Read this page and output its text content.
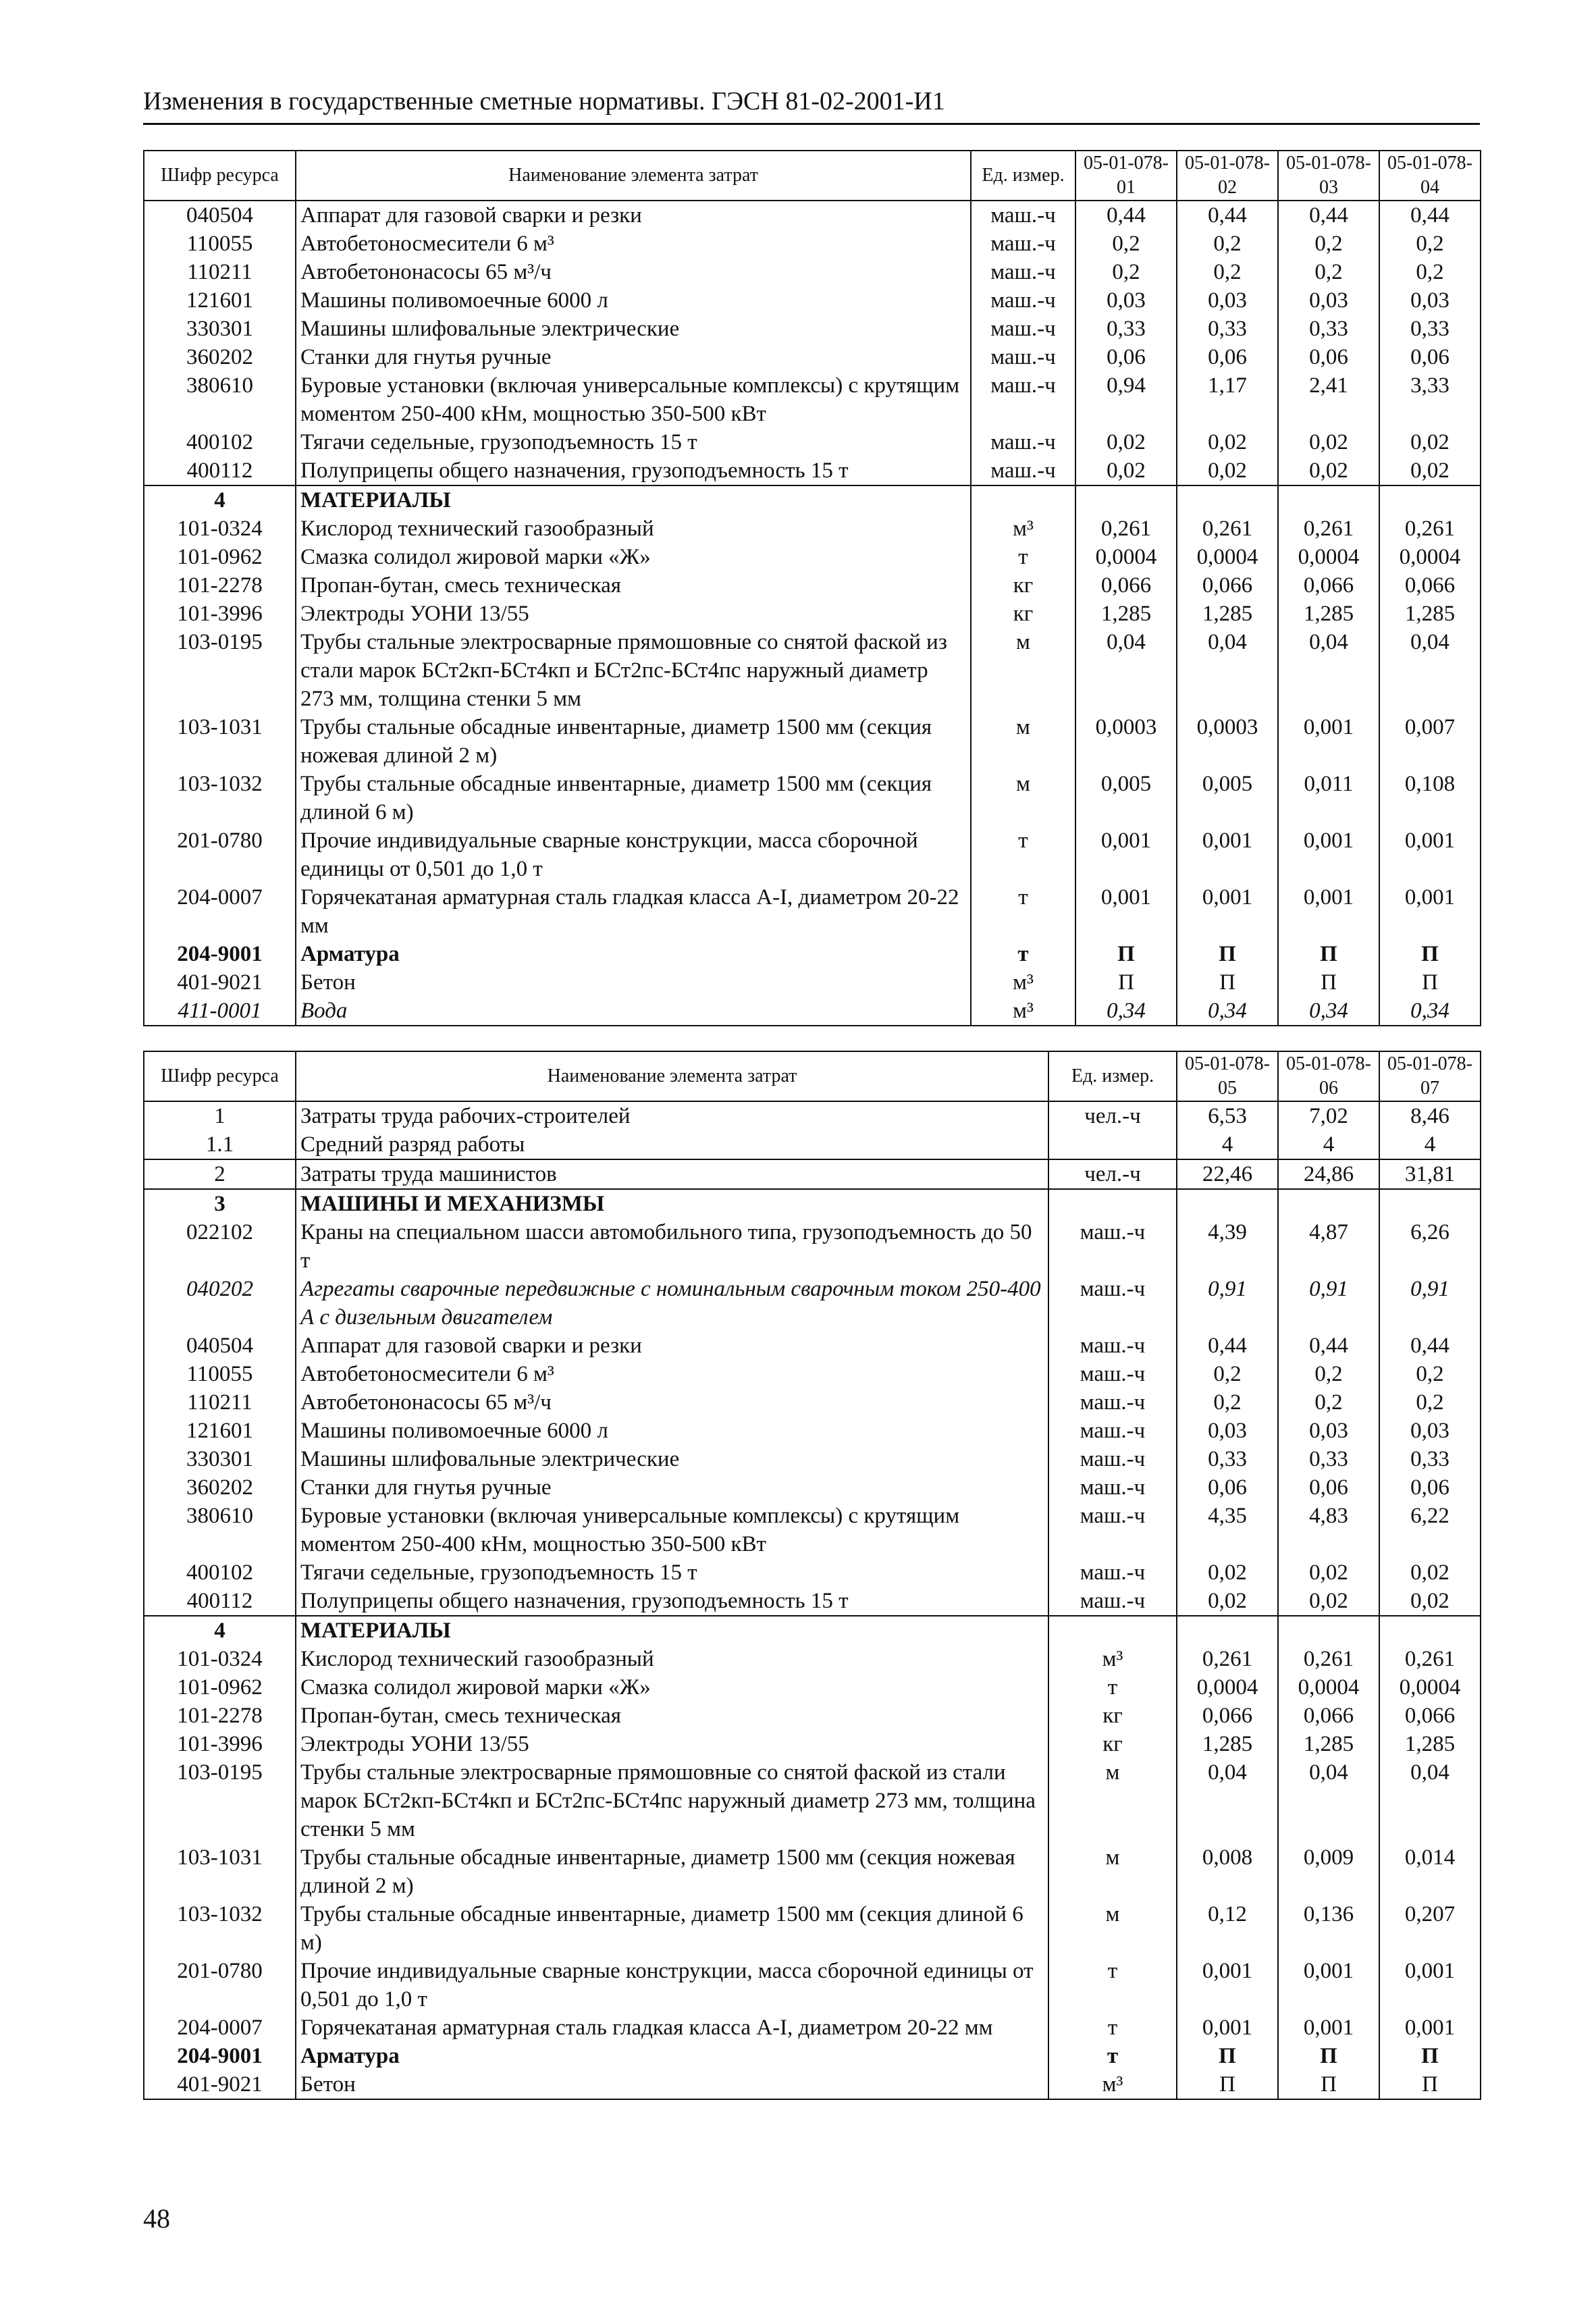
Изменения в государственные сметные нормативы. ГЭСН 81-02-2001-И1
Шифр ресурса	Наименование элемента затрат	Ед. измер.	05-01-078-01	05-01-078-02	05-01-078-03	05-01-078-04
040504	Аппарат для газовой сварки и резки	маш.-ч	0,44	0,44	0,44	0,44
110055	Автобетоносмесители 6 м³	маш.-ч	0,2	0,2	0,2	0,2
110211	Автобетононасосы 65 м³/ч	маш.-ч	0,2	0,2	0,2	0,2
121601	Машины поливомоечные 6000 л	маш.-ч	0,03	0,03	0,03	0,03
330301	Машины шлифовальные электрические	маш.-ч	0,33	0,33	0,33	0,33
360202	Станки для гнутья ручные	маш.-ч	0,06	0,06	0,06	0,06
380610	Буровые установки (включая универсальные комплексы) с крутящим моментом 250-400 кНм, мощностью 350-500 кВт	маш.-ч	0,94	1,17	2,41	3,33
400102	Тягачи седельные, грузоподъемность 15 т	маш.-ч	0,02	0,02	0,02	0,02
400112	Полуприцепы общего назначения, грузоподъемность 15 т	маш.-ч	0,02	0,02	0,02	0,02
4	МАТЕРИАЛЫ					
101-0324	Кислород технический газообразный	м³	0,261	0,261	0,261	0,261
101-0962	Смазка солидол жировой марки «Ж»	т	0,0004	0,0004	0,0004	0,0004
101-2278	Пропан-бутан, смесь техническая	кг	0,066	0,066	0,066	0,066
101-3996	Электроды УОНИ 13/55	кг	1,285	1,285	1,285	1,285
103-0195	Трубы стальные электросварные прямошовные со снятой фаской из стали марок БСт2кп-БСт4кп и БСт2пс-БСт4пс наружный диаметр 273 мм, толщина стенки 5 мм	м	0,04	0,04	0,04	0,04
103-1031	Трубы стальные обсадные инвентарные, диаметр 1500 мм (секция ножевая длиной 2 м)	м	0,0003	0,0003	0,001	0,007
103-1032	Трубы стальные обсадные инвентарные, диаметр 1500 мм (секция длиной 6 м)	м	0,005	0,005	0,011	0,108
201-0780	Прочие индивидуальные сварные конструкции, масса сборочной единицы от 0,501 до 1,0 т	т	0,001	0,001	0,001	0,001
204-0007	Горячекатаная арматурная сталь гладкая класса А-I, диаметром 20-22 мм	т	0,001	0,001	0,001	0,001
204-9001	Арматура	т	П	П	П	П
401-9021	Бетон	м³	П	П	П	П
411-0001	Вода	м³	0,34	0,34	0,34	0,34
Шифр ресурса	Наименование элемента затрат	Ед. измер.	05-01-078-05	05-01-078-06	05-01-078-07
1	Затраты труда рабочих-строителей	чел.-ч	6,53	7,02	8,46
1.1	Средний разряд работы		4	4	4
2	Затраты труда машинистов	чел.-ч	22,46	24,86	31,81
3	МАШИНЫ И МЕХАНИЗМЫ				
022102	Краны на специальном шасси автомобильного типа, грузоподъемность до 50 т	маш.-ч	4,39	4,87	6,26
040202	Агрегаты сварочные передвижные с номинальным сварочным током 250-400 А с дизельным двигателем	маш.-ч	0,91	0,91	0,91
040504	Аппарат для газовой сварки и резки	маш.-ч	0,44	0,44	0,44
110055	Автобетоносмесители 6 м³	маш.-ч	0,2	0,2	0,2
110211	Автобетононасосы 65 м³/ч	маш.-ч	0,2	0,2	0,2
121601	Машины поливомоечные 6000 л	маш.-ч	0,03	0,03	0,03
330301	Машины шлифовальные электрические	маш.-ч	0,33	0,33	0,33
360202	Станки для гнутья ручные	маш.-ч	0,06	0,06	0,06
380610	Буровые установки (включая универсальные комплексы) с крутящим моментом 250-400 кНм, мощностью 350-500 кВт	маш.-ч	4,35	4,83	6,22
400102	Тягачи седельные, грузоподъемность 15 т	маш.-ч	0,02	0,02	0,02
400112	Полуприцепы общего назначения, грузоподъемность 15 т	маш.-ч	0,02	0,02	0,02
4	МАТЕРИАЛЫ				
101-0324	Кислород технический газообразный	м³	0,261	0,261	0,261
101-0962	Смазка солидол жировой марки «Ж»	т	0,0004	0,0004	0,0004
101-2278	Пропан-бутан, смесь техническая	кг	0,066	0,066	0,066
101-3996	Электроды УОНИ 13/55	кг	1,285	1,285	1,285
103-0195	Трубы стальные электросварные прямошовные со снятой фаской из стали марок БСт2кп-БСт4кп и БСт2пс-БСт4пс наружный диаметр 273 мм, толщина стенки 5 мм	м	0,04	0,04	0,04
103-1031	Трубы стальные обсадные инвентарные, диаметр 1500 мм (секция ножевая длиной 2 м)	м	0,008	0,009	0,014
103-1032	Трубы стальные обсадные инвентарные, диаметр 1500 мм (секция длиной 6 м)	м	0,12	0,136	0,207
201-0780	Прочие индивидуальные сварные конструкции, масса сборочной единицы от 0,501 до 1,0 т	т	0,001	0,001	0,001
204-0007	Горячекатаная арматурная сталь гладкая класса А-I, диаметром 20-22 мм	т	0,001	0,001	0,001
204-9001	Арматура	т	П	П	П
401-9021	Бетон	м³	П	П	П
48
